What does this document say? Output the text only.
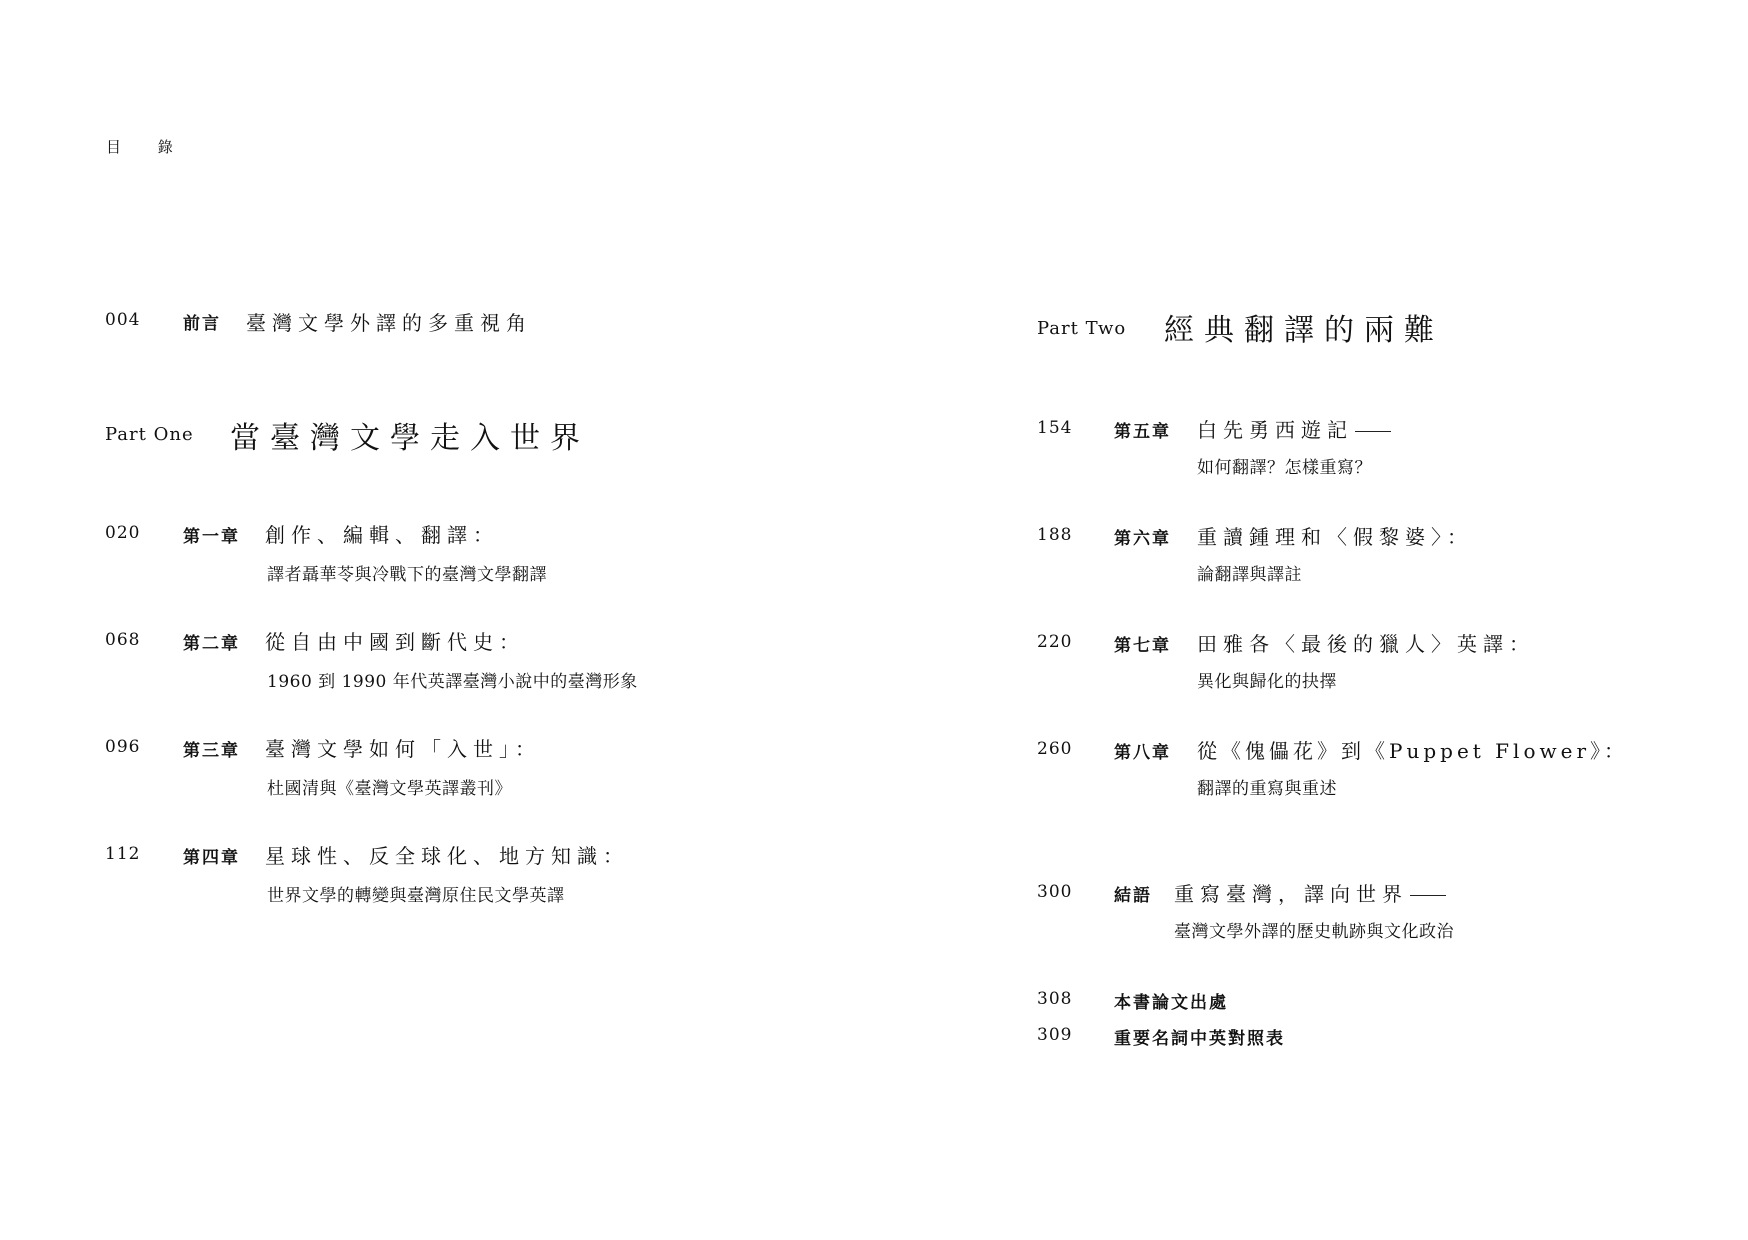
目 錄
004	前言 臺灣文學外譯的多重視角
Part One 當臺灣文學走入世界
020	第一章 創作、編輯、翻譯：
譯者聶華苓與冷戰下的臺灣文學翻譯
068	第二章 從自由中國到斷代史：
1960 到 1990 年代英譯臺灣小說中的臺灣形象
096	第三章 臺灣文學如何「入世」：
杜國清與《臺灣文學英譯叢刊》
112	第四章 星球性、反全球化、地方知識：
世界文學的轉變與臺灣原住民文學英譯
Part Two 經典翻譯的兩難
154 第五章 白先勇西遊記
如何翻譯？怎樣重寫？
188 第六章 重讀鍾理和〈假黎婆〉：
論翻譯與譯註
220 第七章 田雅各〈最後的獵人〉英譯：
異化與歸化的抉擇
260 第八章 從《傀儡花》到《Puppet Flower》：
翻譯的重寫與重述
300 結語 重寫臺灣，譯向世界
臺灣文學外譯的歷史軌跡與文化政治
308 本書論文出處
309 重要名詞中英對照表
